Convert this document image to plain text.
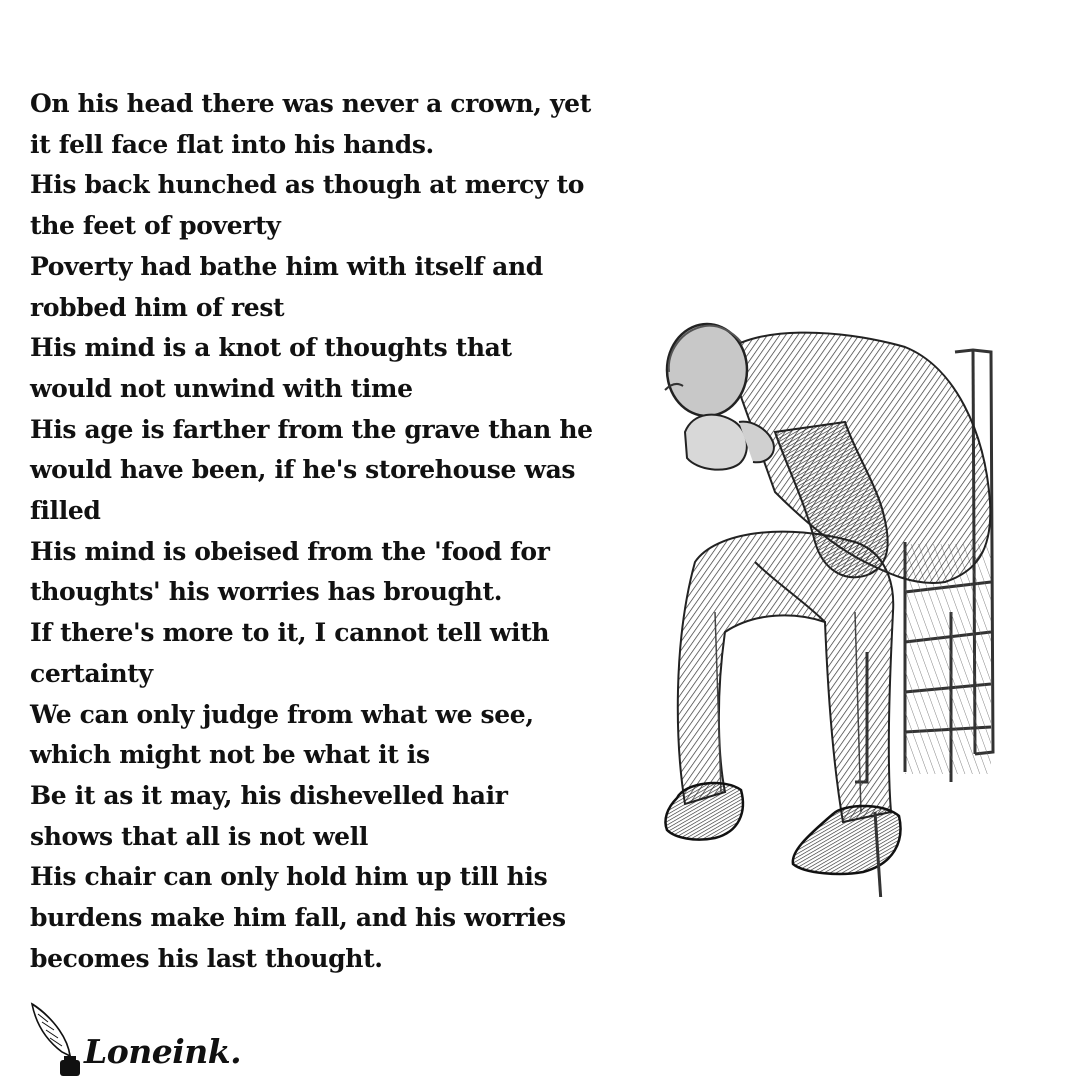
On his head there was never a crown, yet
it fell face flat into his hands.
His back hunched as though at mercy to
the feet of poverty
Poverty had bathe him with itself and
robbed him of rest
His mind is a knot of thoughts that
would not unwind with time
His age is farther from the grave than he
would have been, if he's storehouse was
filled
His mind is obeised from the 'food for
thoughts' his worries has brought.
If there's more to it, I cannot tell with
certainty
We can only judge from what we see,
which might not be what it is
Be it as it may, his dishevelled hair
shows that all is not well
His chair can only hold him up till his
burdens make him fall, and his worries
becomes his last thought.
Loneink.
